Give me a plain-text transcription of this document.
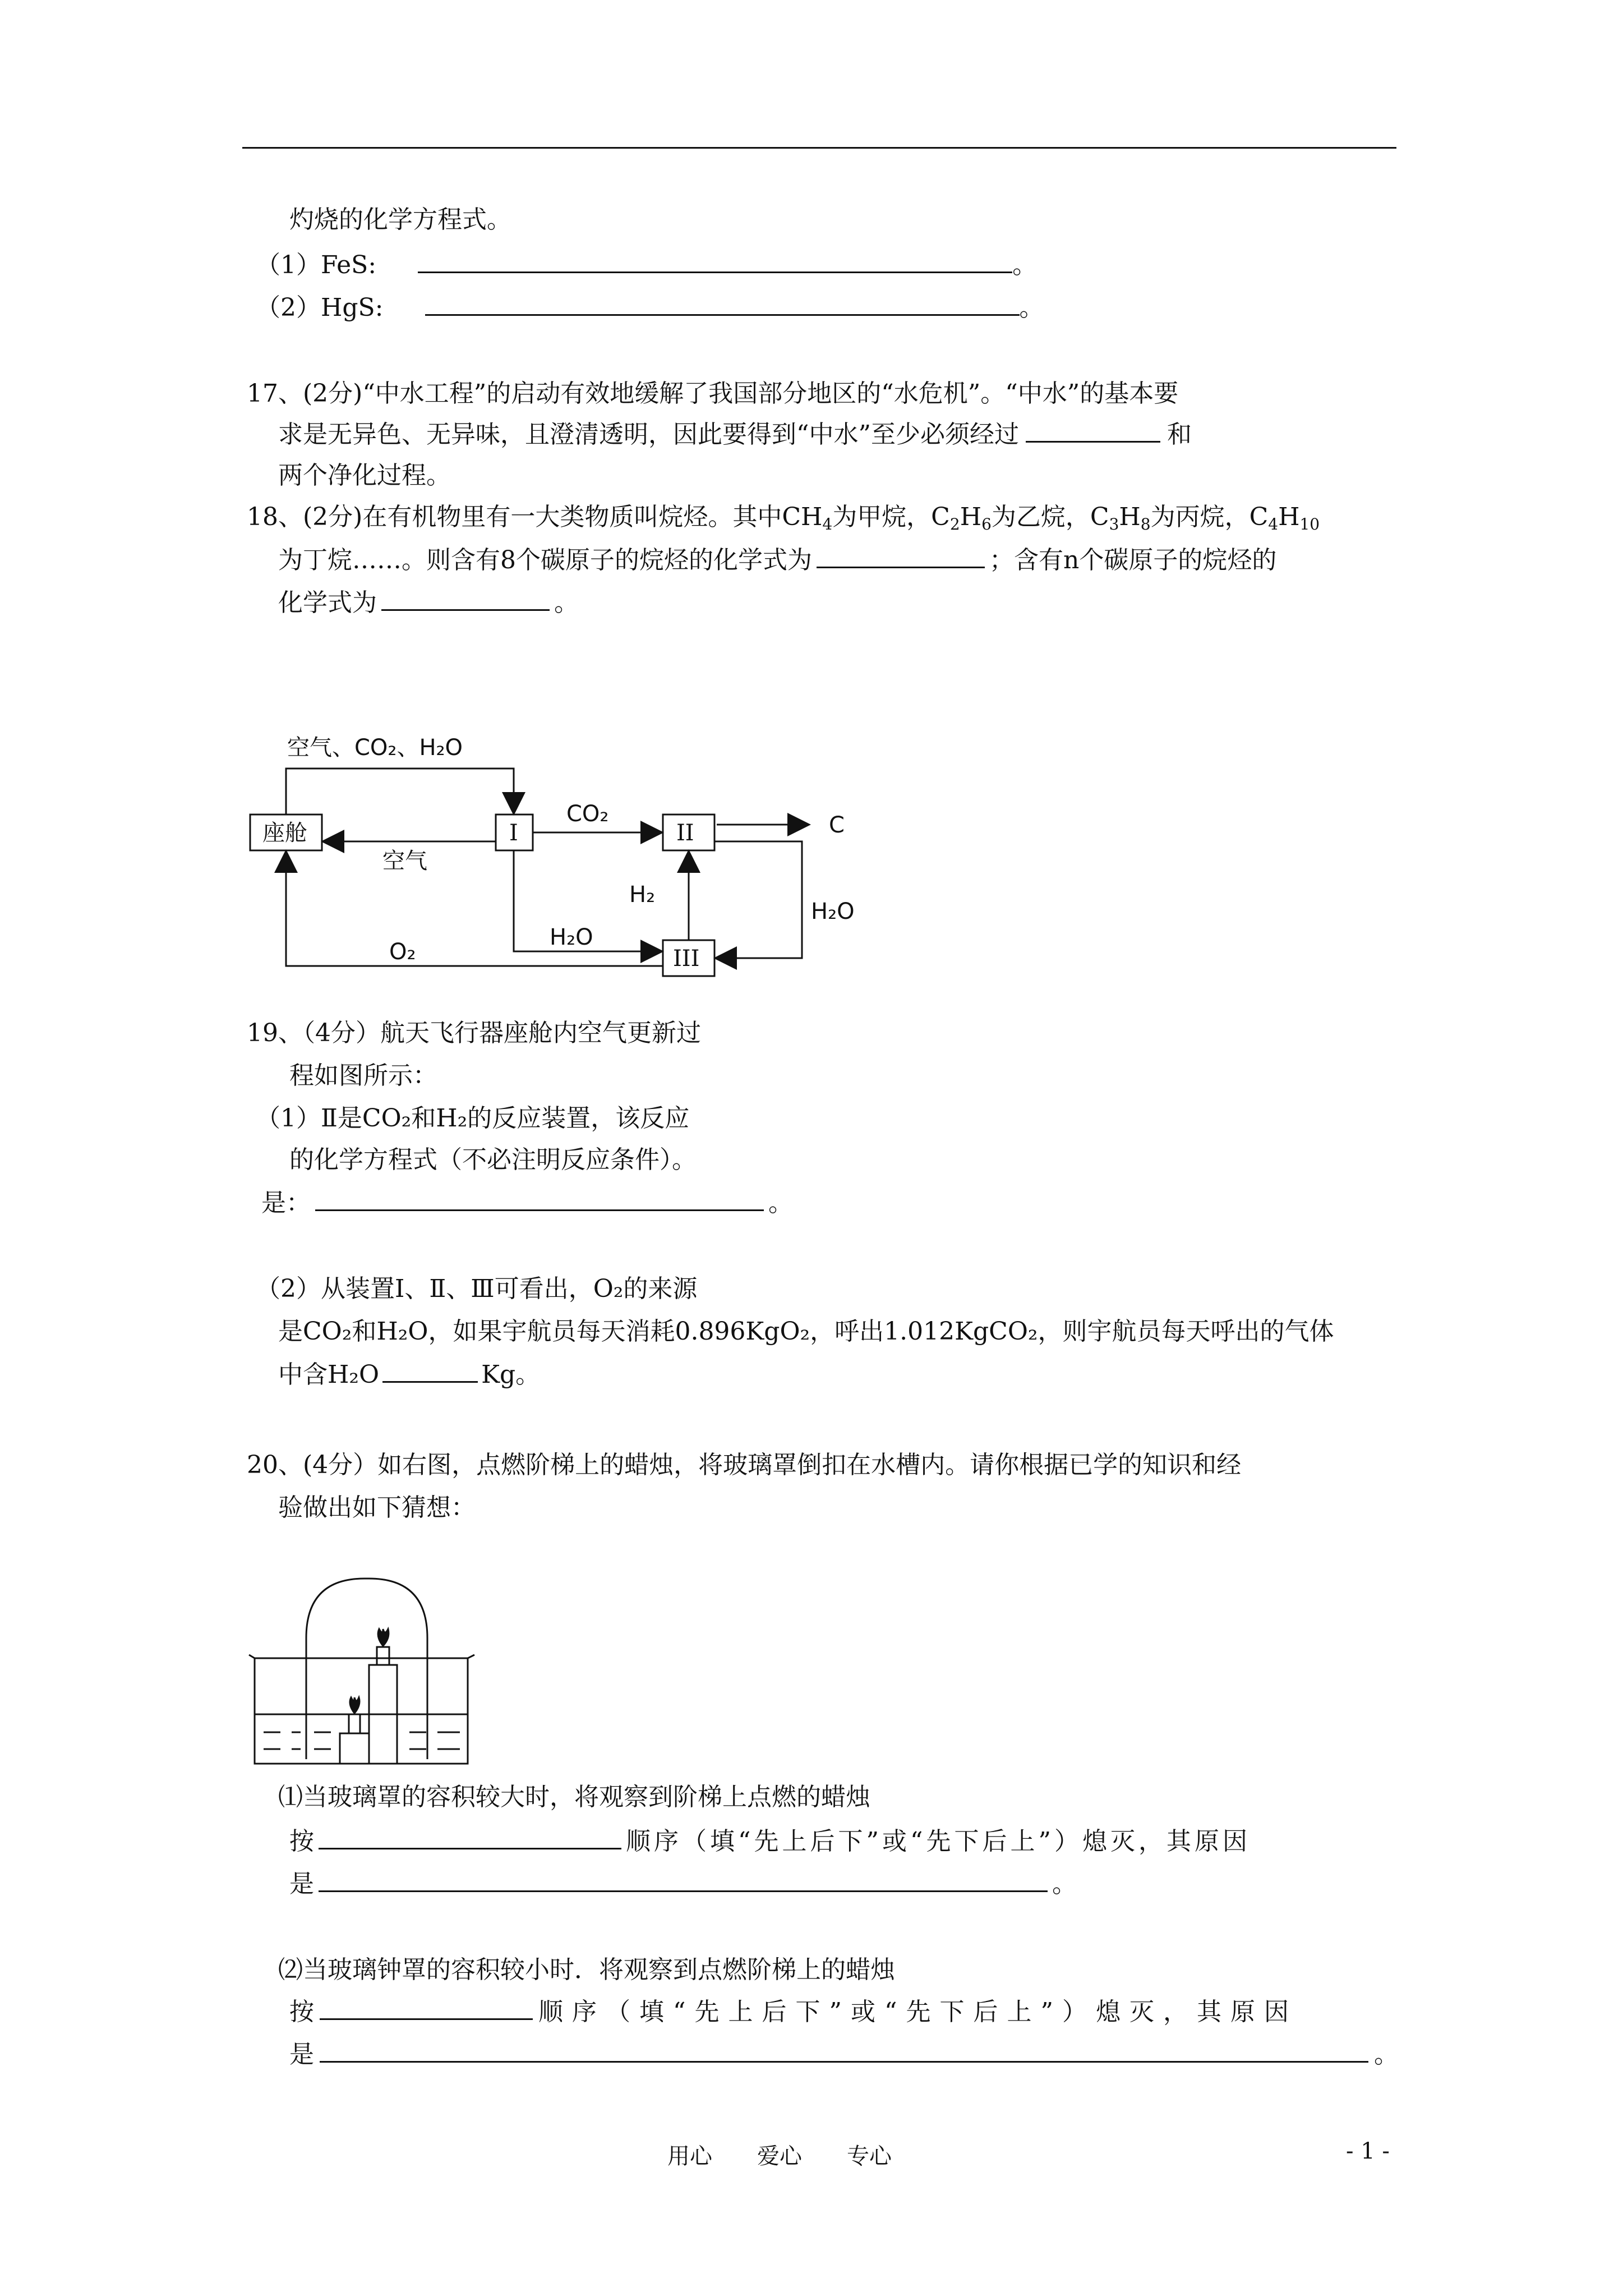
灼烧的化学方程式。
（1）FeS:	。
（2）HgS:	。
17、(2分)“中水工程”的启动有效地缓解了我国部分地区的“水危机”。“中水”的基本要
求是无异色、无异味，且澄清透明，因此要得到“中水”至少必须经过	和
两个净化过程。
18、(2分)在有机物里有一大类物质叫烷烃。其中$CH_4$为甲烷，$C_2H_6$为乙烷，$C_3H_8$为丙烷，$C_4H_{10}$
为丁烷……。则含有8个碳原子的烷烃的化学式为	；含有n个碳原子的烷烃的
化学式为	。
空气、CO₂、H₂O
座舱
空气
I	II
III
CO₂	C
H₂
H₂O
H₂O
O₂
19、（4分）航天飞行器座舱内空气更新过
程如图所示：
（1）Ⅱ是CO₂和H₂的反应装置，该反应
的化学方程式（不必注明反应条件）。
是：	。
（2）从装置Ⅰ、Ⅱ、Ⅲ可看出，O₂的来源
是CO₂和H₂O，如果宇航员每天消耗0.896KgO₂，呼出1.012KgCO₂，则宇航员每天呼出的气体
中含H₂O	Kg。
20、(4分）如右图，点燃阶梯上的蜡烛，将玻璃罩倒扣在水槽内。请你根据已学的知识和经
验做出如下猜想：
⑴当玻璃罩的容积较大时，将观察到阶梯上点燃的蜡烛
按	顺序（填“先上后下”或“先下后上”）熄灭，其原因
是	。
⑵当玻璃钟罩的容积较小时．将观察到点燃阶梯上的蜡烛
按	顺序（填“先上后下”或“先下后上”）熄灭，其原因
是	。
用心　　爱心　　专心	- 1 -
